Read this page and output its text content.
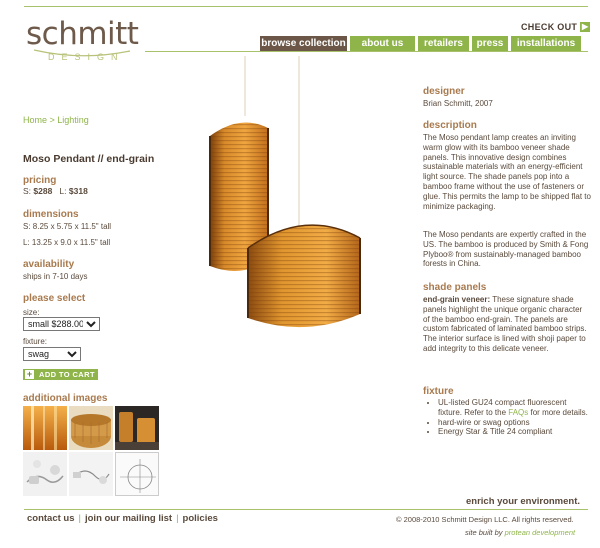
schmitt
DESIGN
CHECK OUT ▶
browse collection	about us	retailers	press	installations
Home > Lighting
Moso Pendant // end-grain
pricing
S: $288 L: $318
dimensions
S: 8.25 x 5.75 x 11.5" tall
L: 13.25 x 9.0 x 11.5" tall
availability
ships in 7-10 days
please select
size:
small $288.00
fixture:
swag
+ ADD TO CART
additional images
designer
Brian Schmitt, 2007
description
The Moso pendant lamp creates an inviting warm glow with its bamboo veneer shade panels. This innovative design combines sustainable materials with an energy-efficient light source. The shade panels pop into a bamboo frame without the use of fasteners or glue. This permits the lamp to be shipped flat to minimize packaging.
The Moso pendants are expertly crafted in the US. The bamboo is produced by Smith & Fong Plyboo® from sustainably-managed bamboo forests in China.
shade panels
end-grain veneer: These signature shade panels highlight the unique organic character of the bamboo end-grain. The panels are custom fabricated of laminated bamboo strips. The interior surface is lined with shoji paper to add integrity to this delicate veneer.
fixture
• UL-listed GU24 compact fluorescent fixture. Refer to the FAQs for more details.
• hard-wire or swag options
• Energy Star & Title 24 compliant
enrich your environment.
contact us | join our mailing list | policies	© 2008-2010 Schmitt Design LLC. All rights reserved.
site built by protean development
